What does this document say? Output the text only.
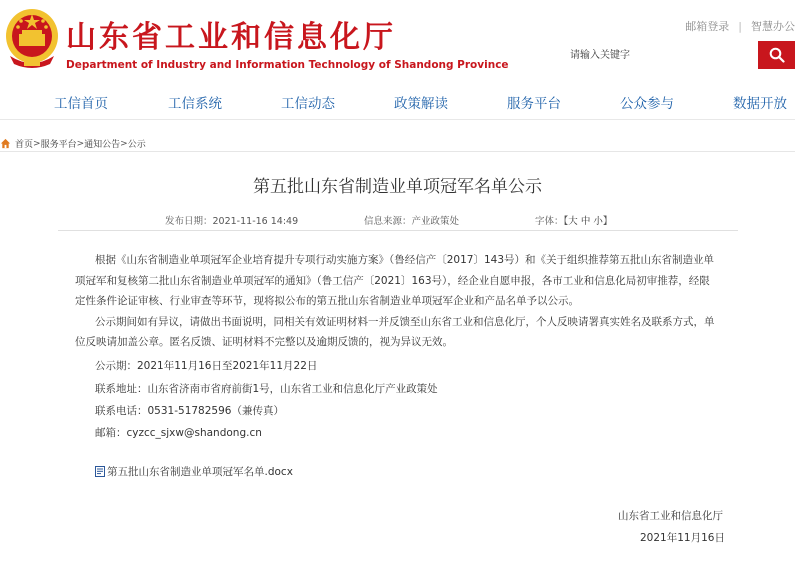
山东省工业和信息化厅
Department of Industry and Information Technology of Shandong Province
邮箱登录 | 智慧办公
请输入关键字
工信首页	工信系统	工信动态	政策解读	服务平台	公众参与	数据开放
首页 > 服务平台 > 通知公告 > 公示
第五批山东省制造业单项冠军名单公示
发布日期：2021-11-16 14:49	信息来源：产业政策处	字体：【大 中 小】

根据《山东省制造业单项冠军企业培育提升专项行动实施方案》（鲁经信产〔2017〕143号）和《关于组织推荐第五批山东省制造业单项冠军和复核第二批山东省制造业单项冠军的通知》（鲁工信产〔2021〕163号），经企业自愿申报，各市工业和信息化局初审推荐，经限定性条件论证审核、行业审查等环节，现将拟公布的第五批山东省制造业单项冠军企业和产品名单予以公示。

公示期间如有异议，请做出书面说明，同相关有效证明材料一并反馈至山东省工业和信息化厅，个人反映请署真实姓名及联系方式，单位反映请加盖公章。匿名反馈、证明材料不完整以及逾期反馈的，视为异议无效。

公示期：2021年11月16日至2021年11月22日
联系地址：山东省济南市省府前街1号，山东省工业和信息化厅产业政策处
联系电话：0531-51782596（兼传真）
邮箱：cyzcc_sjxw@shandong.cn
第五批山东省制造业单项冠军名单.docx
山东省工业和信息化厅
2021年11月16日
